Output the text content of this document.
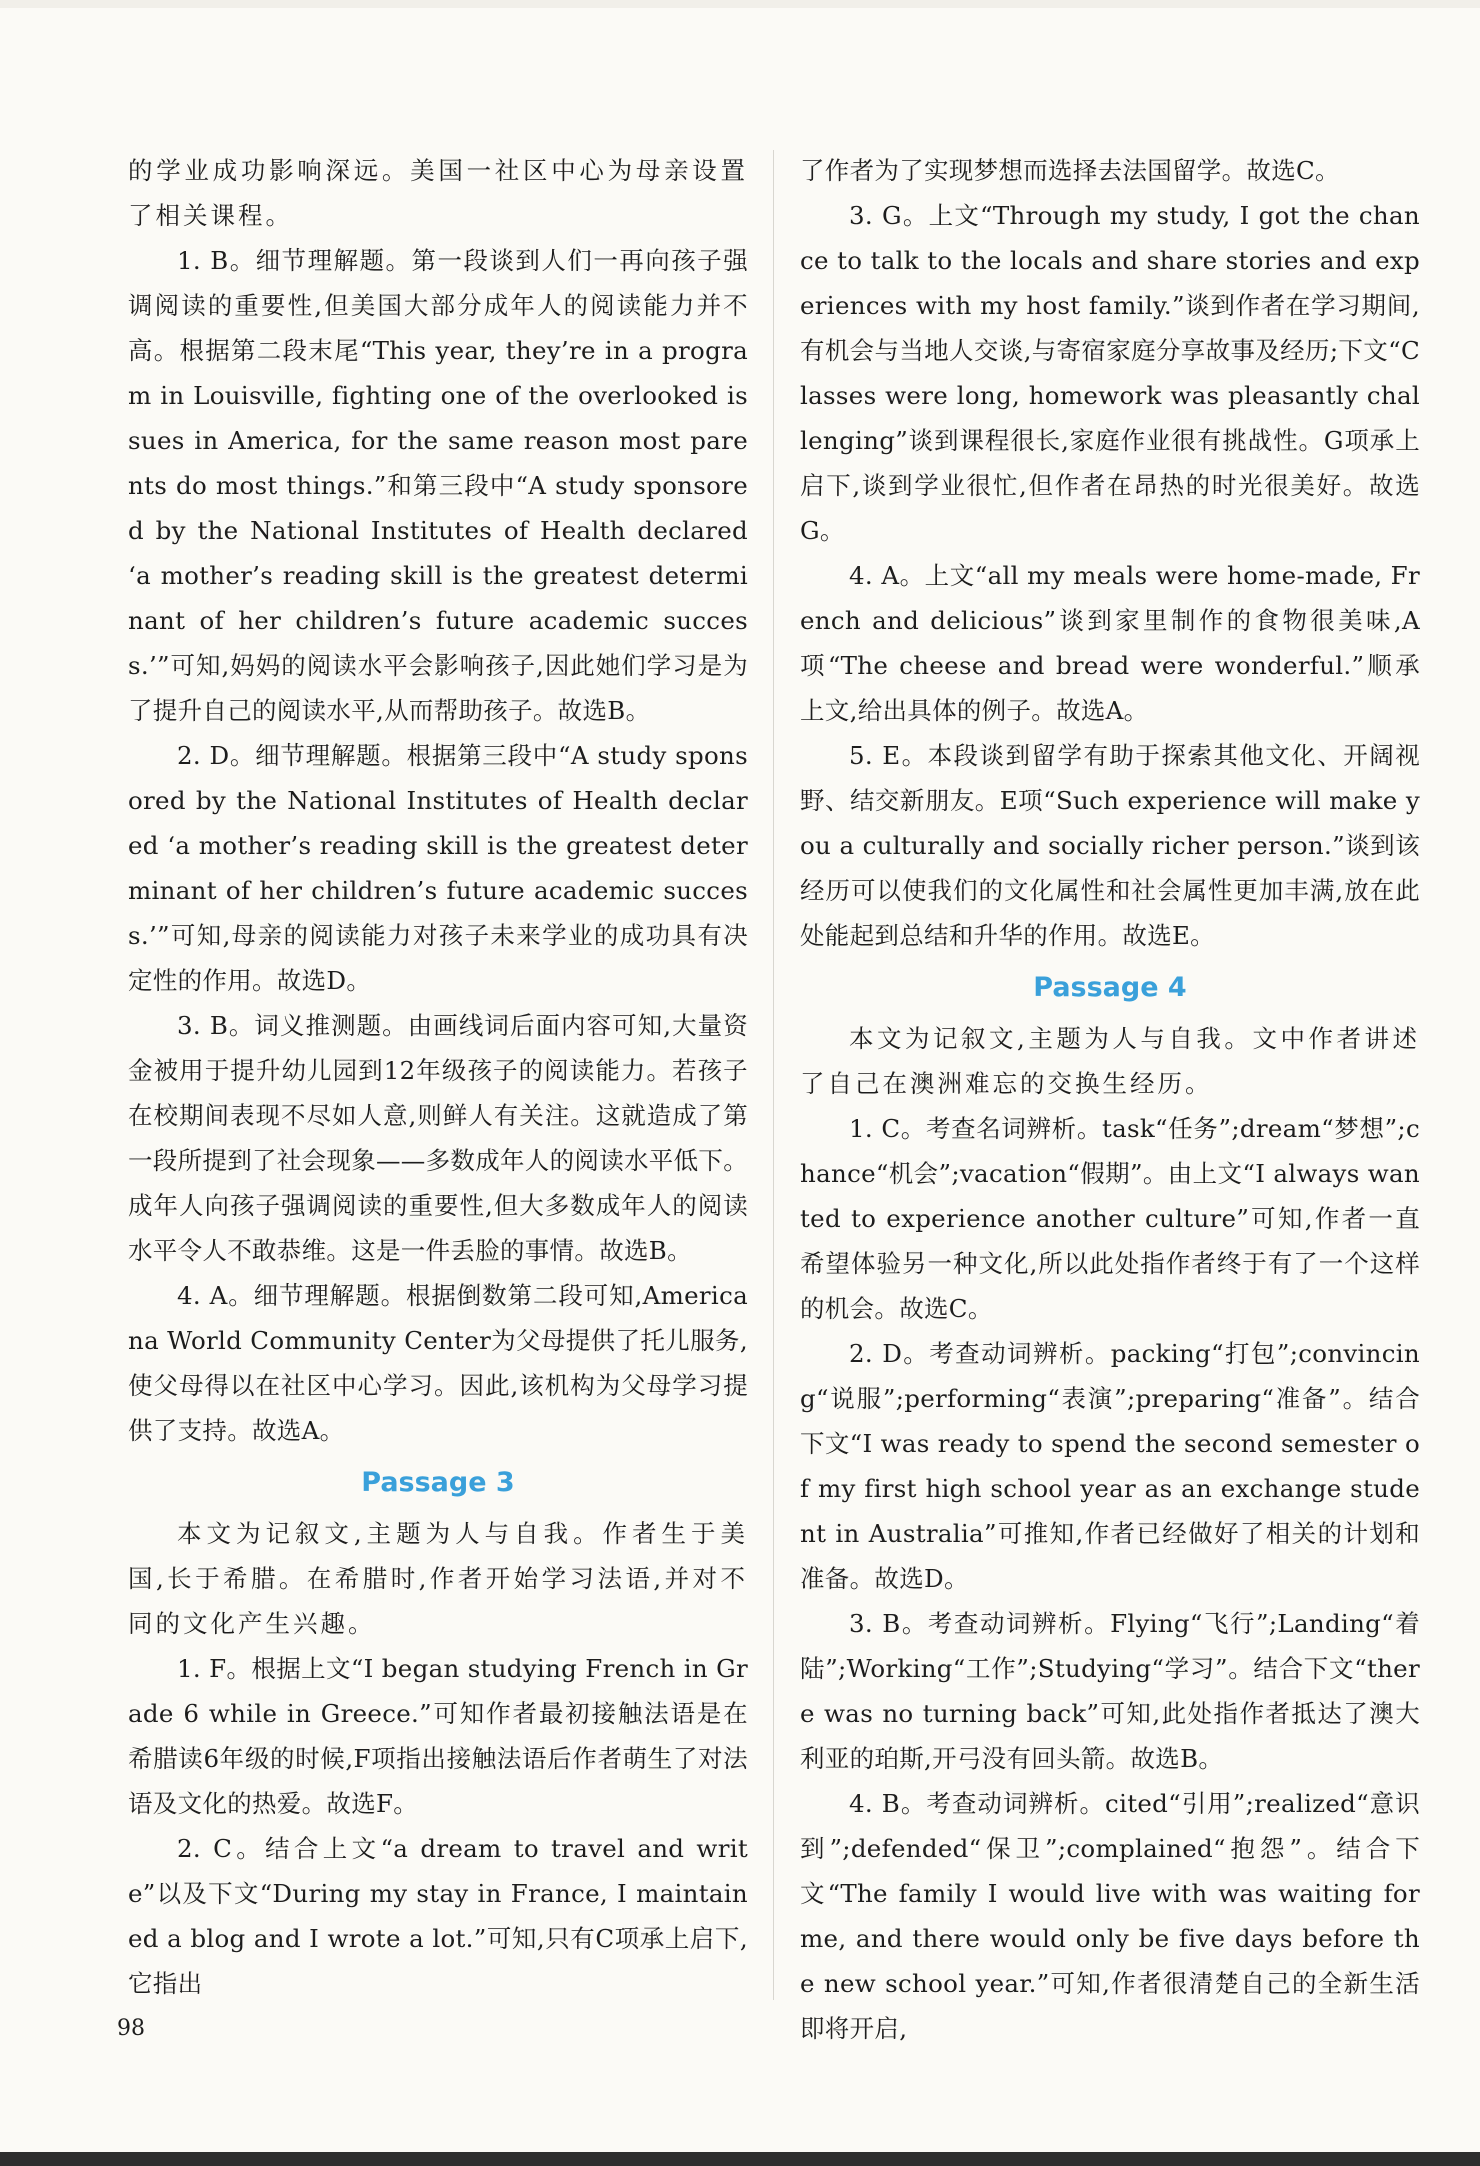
的学业成功影响深远。美国一社区中心为母亲设置了相关课程。

1. B。细节理解题。第一段谈到人们一再向孩子强调阅读的重要性,但美国大部分成年人的阅读能力并不高。根据第二段末尾“This year, they’re in a program in Louisville, fighting one of the overlooked issues in America, for the same reason most parents do most things.”和第三段中“A study sponsored by the National Institutes of Health declared ‘a mother’s reading skill is the greatest determinant of her children’s future academic success.’”可知,妈妈的阅读水平会影响孩子,因此她们学习是为了提升自己的阅读水平,从而帮助孩子。故选B。

2. D。细节理解题。根据第三段中“A study sponsored by the National Institutes of Health declared ‘a mother’s reading skill is the greatest determinant of her children’s future academic success.’”可知,母亲的阅读能力对孩子未来学业的成功具有决定性的作用。故选D。

3. B。词义推测题。由画线词后面内容可知,大量资金被用于提升幼儿园到12年级孩子的阅读能力。若孩子在校期间表现不尽如人意,则鲜人有关注。这就造成了第一段所提到了社会现象——多数成年人的阅读水平低下。成年人向孩子强调阅读的重要性,但大多数成年人的阅读水平令人不敢恭维。这是一件丢脸的事情。故选B。

4. A。细节理解题。根据倒数第二段可知,Americana World Community Center为父母提供了托儿服务,使父母得以在社区中心学习。因此,该机构为父母学习提供了支持。故选A。

Passage 3

本文为记叙文,主题为人与自我。作者生于美国,长于希腊。在希腊时,作者开始学习法语,并对不同的文化产生兴趣。

1. F。根据上文“I began studying French in Grade 6 while in Greece.”可知作者最初接触法语是在希腊读6年级的时候,F项指出接触法语后作者萌生了对法语及文化的热爱。故选F。

2. C。结合上文“a dream to travel and write”以及下文“During my stay in France, I maintained a blog and I wrote a lot.”可知,只有C项承上启下,它指出

了作者为了实现梦想而选择去法国留学。故选C。

3. G。上文“Through my study, I got the chance to talk to the locals and share stories and experiences with my host family.”谈到作者在学习期间,有机会与当地人交谈,与寄宿家庭分享故事及经历;下文“Classes were long, homework was pleasantly challenging”谈到课程很长,家庭作业很有挑战性。G项承上启下,谈到学业很忙,但作者在昂热的时光很美好。故选G。

4. A。上文“all my meals were home-made, French and delicious”谈到家里制作的食物很美味,A项“The cheese and bread were wonderful.”顺承上文,给出具体的例子。故选A。

5. E。本段谈到留学有助于探索其他文化、开阔视野、结交新朋友。E项“Such experience will make you a culturally and socially richer person.”谈到该经历可以使我们的文化属性和社会属性更加丰满,放在此处能起到总结和升华的作用。故选E。

Passage 4

本文为记叙文,主题为人与自我。文中作者讲述了自己在澳洲难忘的交换生经历。

1. C。考查名词辨析。task“任务”;dream“梦想”;chance“机会”;vacation“假期”。由上文“I always wanted to experience another culture”可知,作者一直希望体验另一种文化,所以此处指作者终于有了一个这样的机会。故选C。

2. D。考查动词辨析。packing“打包”;convincing“说服”;performing“表演”;preparing“准备”。结合下文“I was ready to spend the second semester of my first high school year as an exchange student in Australia”可推知,作者已经做好了相关的计划和准备。故选D。

3. B。考查动词辨析。Flying“飞行”;Landing“着陆”;Working“工作”;Studying“学习”。结合下文“there was no turning back”可知,此处指作者抵达了澳大利亚的珀斯,开弓没有回头箭。故选B。

4. B。考查动词辨析。cited“引用”;realized“意识到”;defended“保卫”;complained“抱怨”。结合下文“The family I would live with was waiting for me, and there would only be five days before the new school year.”可知,作者很清楚自己的全新生活即将开启,

98
